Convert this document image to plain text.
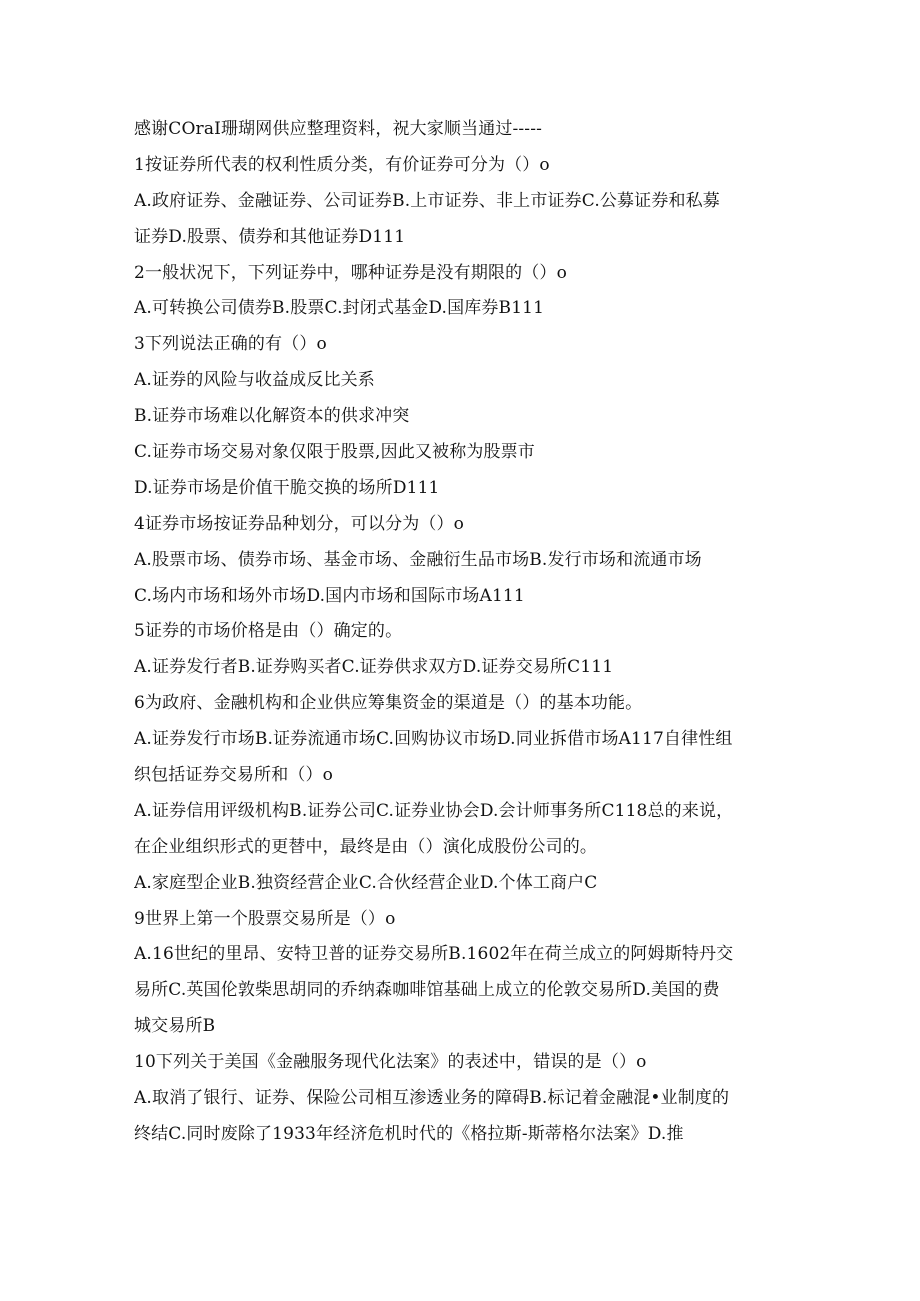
感谢COraI珊瑚网供应整理资料，祝大家顺当通过-----
1按证券所代表的权利性质分类，有价证券可分为（）o
A.政府证券、金融证券、公司证券B.上市证券、非上市证券C.公募证券和私募
证券D.股票、债券和其他证券D111
2一般状况下，下列证券中，哪种证券是没有期限的（）o
A.可转换公司债券B.股票C.封闭式基金D.国库券B111
3下列说法正确的有（）o
A.证券的风险与收益成反比关系
B.证券市场难以化解资本的供求冲突
C.证券市场交易对象仅限于股票,因此又被称为股票市
D.证券市场是价值干脆交换的场所D111
4证券市场按证券品种划分，可以分为（）o
A.股票市场、债券市场、基金市场、金融衍生品市场B.发行市场和流通市场
C.场内市场和场外市场D.国内市场和国际市场A111
5证券的市场价格是由（）确定的。
A.证券发行者B.证券购买者C.证券供求双方D.证券交易所C111
6为政府、金融机构和企业供应筹集资金的渠道是（）的基本功能。
A.证券发行市场B.证券流通市场C.回购协议市场D.同业拆借市场A117自律性组
织包括证券交易所和（）o
A.证券信用评级机构B.证券公司C.证券业协会D.会计师事务所C118总的来说，
在企业组织形式的更替中，最终是由（）演化成股份公司的。
A.家庭型企业B.独资经营企业C.合伙经营企业D.个体工商户C
9世界上第一个股票交易所是（）o
A.16世纪的里昂、安特卫普的证券交易所B.1602年在荷兰成立的阿姆斯特丹交
易所C.英国伦敦柴思胡同的乔纳森咖啡馆基础上成立的伦敦交易所D.美国的费
城交易所B
10下列关于美国《金融服务现代化法案》的表述中，错误的是（）o
A.取消了银行、证券、保险公司相互渗透业务的障碍B.标记着金融混•业制度的
终结C.同时废除了1933年经济危机时代的《格拉斯-斯蒂格尔法案》D.推
